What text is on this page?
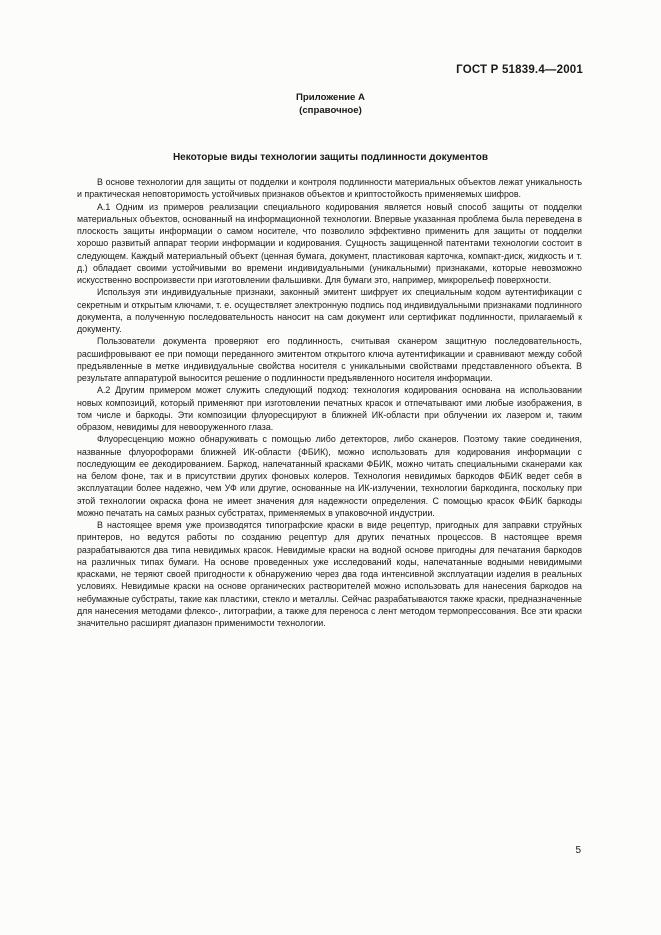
ГОСТ Р 51839.4—2001
Приложение А
(справочное)
Некоторые виды технологии защиты подлинности документов

В основе технологии для защиты от подделки и контроля подлинности материальных объектов лежат уникальность и практическая неповторимость устойчивых признаков объектов и криптостойкость применяемых шифров.

А.1 Одним из примеров реализации специального кодирования является новый способ защиты от подделки материальных объектов, основанный на информационной технологии. Впервые указанная проблема была переведена в плоскость защиты информации о самом носителе, что позволило эффективно применить для защиты от подделки хорошо развитый аппарат теории информации и кодирования. Сущность защищенной патентами технологии состоит в следующем. Каждый материальный объект (ценная бумага, документ, пластиковая карточка, компакт-диск, жидкость и т. д.) обладает своими устойчивыми во времени индивидуальными (уникальными) признаками, которые невозможно искусственно воспроизвести при изготовлении фальшивки. Для бумаги это, например, микрорельеф поверхности.

Используя эти индивидуальные признаки, законный эмитент шифрует их специальным кодом аутентификации с секретным и открытым ключами, т. е. осуществляет электронную подпись под индивидуальными признаками подлинного документа, а полученную последовательность наносит на сам документ или сертификат подлинности, прилагаемый к документу.

Пользователи документа проверяют его подлинность, считывая сканером защитную последовательность, расшифровывают ее при помощи переданного эмитентом открытого ключа аутентификации и сравнивают между собой предъявленные в метке индивидуальные свойства носителя с уникальными свойствами представленного объекта. В результате аппаратурой выносится решение о подлинности предъявленного носителя информации.

А.2 Другим примером может служить следующий подход: технология кодирования основана на использовании новых композиций, который применяют при изготовлении печатных красок и отпечатывают ими любые изображения, в том числе и баркоды. Эти композиции флуоресцируют в ближней ИК-области при облучении их лазером и, таким образом, невидимы для невооруженного глаза.

Флуоресценцию можно обнаруживать с помощью либо детекторов, либо сканеров. Поэтому такие соединения, названные флуорофорами ближней ИК-области (ФБИК), можно использовать для кодирования информации с последующим ее декодированием. Баркод, напечатанный красками ФБИК, можно читать специальными сканерами как на белом фоне, так и в присутствии других фоновых колеров. Технология невидимых баркодов ФБИК ведет себя в эксплуатации более надежно, чем УФ или другие, основанные на ИК-излучении, технологии баркодинга, поскольку при этой технологии окраска фона не имеет значения для надежности определения. С помощью красок ФБИК баркоды можно печатать на самых разных субстратах, применяемых в упаковочной индустрии.

В настоящее время уже производятся типографские краски в виде рецептур, пригодных для заправки струйных принтеров, но ведутся работы по созданию рецептур для других печатных процессов. В настоящее время разрабатываются два типа невидимых красок. Невидимые краски на водной основе пригодны для печатания баркодов на различных типах бумаги. На основе проведенных уже исследований коды, напечатанные водными невидимыми красками, не теряют своей пригодности к обнаружению через два года интенсивной эксплуатации изделия в реальных условиях. Невидимые краски на основе органических растворителей можно использовать для нанесения баркодов на небумажные субстраты, такие как пластики, стекло и металлы. Сейчас разрабатываются также краски, предназначенные для нанесения методами флексо-, литографии, а также для переноса с лент методом термопрессования. Все эти краски значительно расширят диапазон применимости технологии.

5
